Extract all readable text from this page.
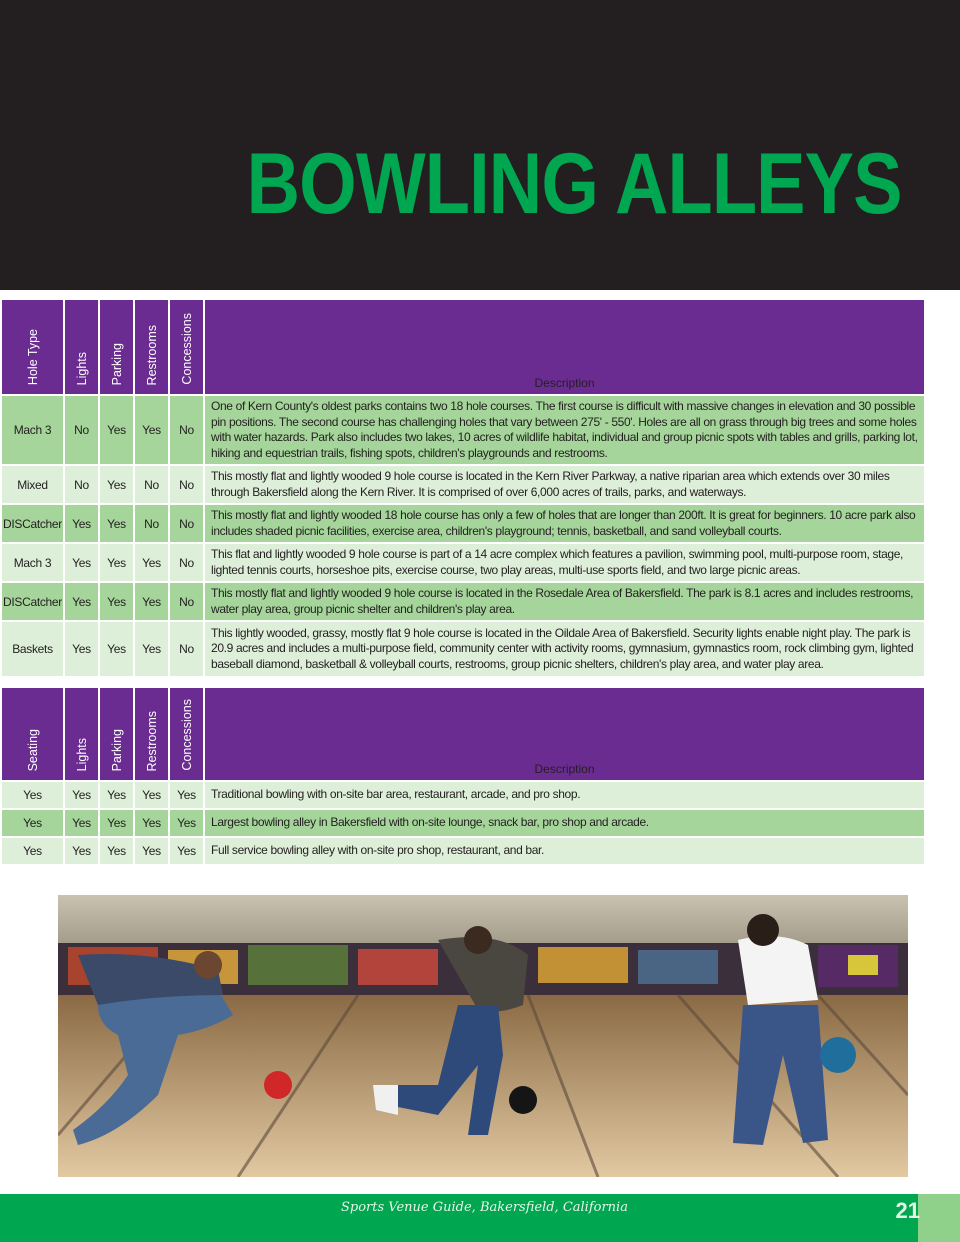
BOWLING ALLEYS
Hole Type	Lights	Parking	Restrooms	Concessions	Description
Mach 3	No	Yes	Yes	No	One of Kern County's oldest parks contains two 18 hole courses. The first course is difficult with massive changes in elevation and 30 possible pin positions. The second course has challenging holes that vary between 275' - 550'. Holes are all on grass through big trees and some holes with water hazards. Park also includes two lakes, 10 acres of wildlife habitat, individual and group picnic spots with tables and grills, parking lot, hiking and equestrian trails, fishing spots, children's playgrounds and restrooms.
Mixed	No	Yes	No	No	This mostly flat and lightly wooded 9 hole course is located in the Kern River Parkway, a native riparian area which extends over 30 miles through Bakersfield along the Kern River. It is comprised of over 6,000 acres of trails, parks, and waterways.
DISCatcher	Yes	Yes	No	No	This mostly flat and lightly wooded 18 hole course has only a few of holes that are longer than 200ft. It is great for beginners. 10 acre park also includes shaded picnic facilities, exercise area, children's playground; tennis, basketball, and sand volleyball courts.
Mach 3	Yes	Yes	Yes	No	This flat and lightly wooded 9 hole course is part of a 14 acre complex which features a pavilion, swimming pool, multi-purpose room, stage, lighted tennis courts, horseshoe pits, exercise course, two play areas, multi-use sports field, and two large picnic areas.
DISCatcher	Yes	Yes	Yes	No	This mostly flat and lightly wooded 9 hole course is located in the Rosedale Area of Bakersfield. The park is 8.1 acres and includes restrooms, water play area, group picnic shelter and children's play area.
Baskets	Yes	Yes	Yes	No	This lightly wooded, grassy, mostly flat 9 hole course is located in the Oildale Area of Bakersfield. Security lights enable night play. The park is 20.9 acres and includes a multi-purpose field, community center with activity rooms, gymnasium, gymnastics room, rock climbing gym, lighted baseball diamond, basketball & volleyball courts, restrooms, group picnic shelters, children's play area, and water play area.
Seating	Lights	Parking	Restrooms	Concessions	Description
Yes	Yes	Yes	Yes	Yes	Traditional bowling with on-site bar area, restaurant, arcade, and pro shop.
Yes	Yes	Yes	Yes	Yes	Largest bowling alley in Bakersfield with on-site lounge, snack bar, pro shop and arcade.
Yes	Yes	Yes	Yes	Yes	Full service bowling alley with on-site pro shop, restaurant, and bar.
Sports Venue Guide, Bakersfield, California	21
